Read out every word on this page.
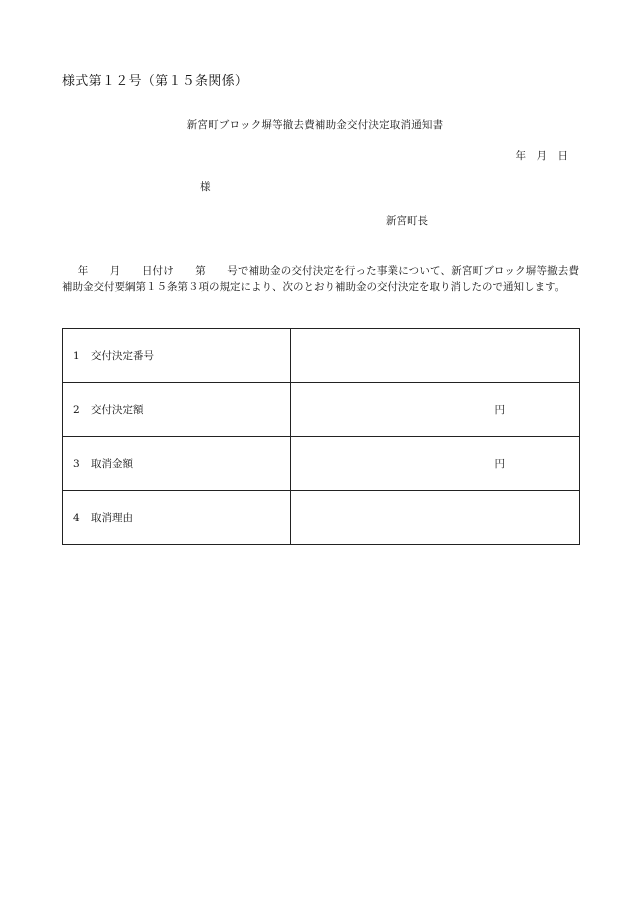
様式第１２号（第１５条関係）
新宮町ブロック塀等撤去費補助金交付決定取消通知書
年　月　日
様
新宮町長

年　　月　　日付け　　第　　号で補助金の交付決定を行った事業について、新宮町ブロック塀等撤去費補助金交付要綱第１５条第３項の規定により、次のとおり補助金の交付決定を取り消したので通知します。

1 交付決定番号	
2 交付決定額	円
3 取消金額	円
4 取消理由	
